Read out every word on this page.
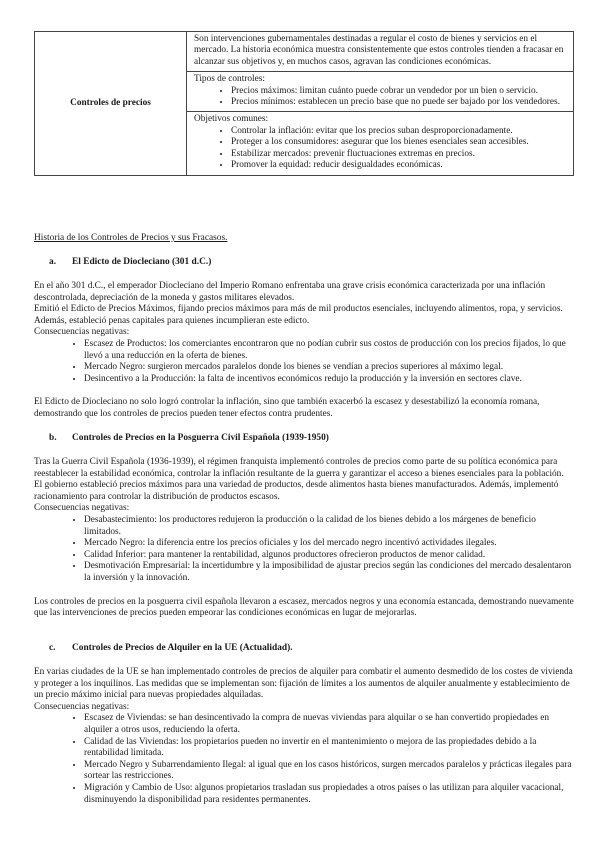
Controles de precios	Son intervenciones gubernamentales destinadas a regular el costo de bienes y servicios en el mercado. La historia económica muestra consistentemente que estos controles tienden a fracasar en alcanzar sus objetivos y, en muchos casos, agravan las condiciones económicas.

Tipos de controles:
• Precios máximos: limitan cuánto puede cobrar un vendedor por un bien o servicio.
• Precios mínimos: establecen un precio base que no puede ser bajado por los vendedores.

Objetivos comunes:
• Controlar la inflación: evitar que los precios suban desproporcionadamente.
• Proteger a los consumidores: asegurar que los bienes esenciales sean accesibles.
• Estabilizar mercados: prevenir fluctuaciones extremas en precios.
• Promover la equidad: reducir desigualdades económicas.
Historia de los Controles de Precios y sus Fracasos.
a. El Edicto de Diocleciano (301 d.C.)

En el año 301 d.C., el emperador Diocleciano del Imperio Romano enfrentaba una grave crisis económica caracterizada por una inflación descontrolada, depreciación de la moneda y gastos militares elevados.

Emitió el Edicto de Precios Máximos, fijando precios máximos para más de mil productos esenciales, incluyendo alimentos, ropa, y servicios. Además, estableció penas capitales para quienes incumplieran este edicto.

Consecuencias negativas:

• Escasez de Productos: los comerciantes encontraron que no podían cubrir sus costos de producción con los precios fijados, lo que llevó a una reducción en la oferta de bienes.
• Mercado Negro: surgieron mercados paralelos donde los bienes se vendían a precios superiores al máximo legal.
• Desincentivo a la Producción: la falta de incentivos económicos redujo la producción y la inversión en sectores clave.

El Edicto de Diocleciano no solo logró controlar la inflación, sino que también exacerbó la escasez y desestabilizó la economía romana, demostrando que los controles de precios pueden tener efectos contra prudentes.

b. Controles de Precios en la Posguerra Civil Española (1939-1950)

Tras la Guerra Civil Española (1936-1939), el régimen franquista implementó controles de precios como parte de su política económica para reestablecer la estabilidad económica, controlar la inflación resultante de la guerra y garantizar el acceso a bienes esenciales para la población.

El gobierno estableció precios máximos para una variedad de productos, desde alimentos hasta bienes manufacturados. Además, implementó racionamiento para controlar la distribución de productos escasos.

Consecuencias negativas:

• Desabastecimiento: los productores redujeron la producción o la calidad de los bienes debido a los márgenes de beneficio limitados.
• Mercado Negro: la diferencia entre los precios oficiales y los del mercado negro incentivó actividades ilegales.
• Calidad Inferior: para mantener la rentabilidad, algunos productores ofrecieron productos de menor calidad.
• Desmotivación Empresarial: la incertidumbre y la imposibilidad de ajustar precios según las condiciones del mercado desalentaron la inversión y la innovación.

Los controles de precios en la posguerra civil española llevaron a escasez, mercados negros y una economía estancada, demostrando nuevamente que las intervenciones de precios pueden empeorar las condiciones económicas en lugar de mejorarlas.

c. Controles de Precios de Alquiler en la UE (Actualidad).

En varias ciudades de la UE se han implementado controles de precios de alquiler para combatir el aumento desmedido de los costes de vivienda y proteger a los inquilinos. Las medidas que se implementan son: fijación de límites a los aumentos de alquiler anualmente y establecimiento de un precio máximo inicial para nuevas propiedades alquiladas.

Consecuencias negativas:

• Escasez de Viviendas: se han desincentivado la compra de nuevas viviendas para alquilar o se han convertido propiedades en alquiler a otros usos, reduciendo la oferta.
• Calidad de las Viviendas: los propietarios pueden no invertir en el mantenimiento o mejora de las propiedades debido a la rentabilidad limitada.
• Mercado Negro y Subarrendamiento Ilegal: al igual que en los casos históricos, surgen mercados paralelos y prácticas ilegales para sortear las restricciones.
• Migración y Cambio de Uso: algunos propietarios trasladan sus propiedades a otros países o las utilizan para alquiler vacacional, disminuyendo la disponibilidad para residentes permanentes.
